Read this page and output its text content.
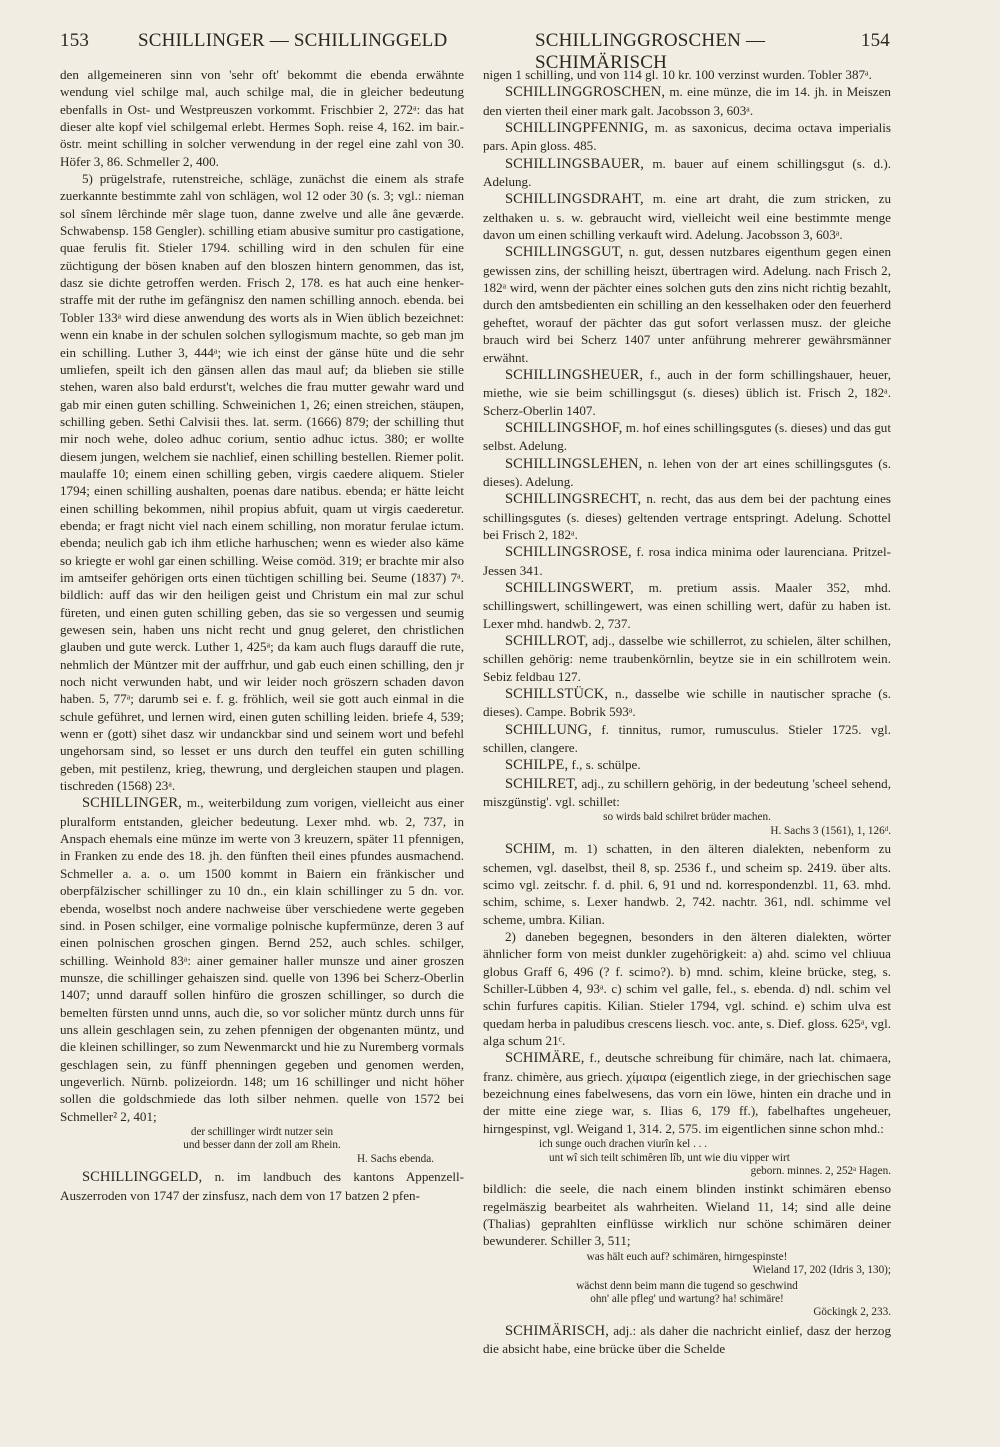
153	SCHILLINGER — SCHILLINGGELD	SCHILLINGGROSCHEN — SCHIMÄRISCH
154

den allgemeineren sinn von 'sehr oft' bekommt die ebenda erwähnte wendung viel schilge mal, auch schilge mal, die in gleicher bedeutung ebenfalls in Ost- und Westpreuszen vorkommt. Frischbier 2, 272ᵃ: das hat dieser alte kopf viel schilgemal erlebt. Hermes Soph. reise 4, 162. im bair.-östr. meint schilling in solcher verwendung in der regel eine zahl von 30. Höfer 3, 86. Schmeller 2, 400.

5) prügelstrafe, rutenstreiche, schläge, zunächst die einem als strafe zuerkannte bestimmte zahl von schlägen, wol 12 oder 30 (s. 3; vgl.: nieman sol sînem lêrchinde mêr slage tuon, danne zwelve und alle âne geværde. Schwabensp. 158 Gengler). schilling etiam abusive sumitur pro castigatione, quae ferulis fit. Stieler 1794. schilling wird in den schulen für eine züchtigung der bösen knaben auf den bloszen hintern genommen, das ist, dasz sie dichte getroffen werden. Frisch 2, 178. es hat auch eine henker-straffe mit der ruthe im gefängnisz den namen schilling annoch. ebenda. bei Tobler 133ᵃ wird diese anwendung des worts als in Wien üblich bezeichnet: wenn ein knabe in der schulen solchen syllogismum machte, so geb man jm ein schilling. Luther 3, 444ᵃ; wie ich einst der gänse hüte und die sehr umliefen, speilt ich den gänsen allen das maul auf; da blieben sie stille stehen, waren also bald erdurst't, welches die frau mutter gewahr ward und gab mir einen guten schilling. Schweinichen 1, 26; einen streichen, stäupen, schilling geben. Sethi Calvisii thes. lat. serm. (1666) 879; der schilling thut mir noch wehe, doleo adhuc corium, sentio adhuc ictus. 380; er wollte diesem jungen, welchem sie nachlief, einen schilling bestellen. Riemer polit. maulaffe 10; einem einen schilling geben, virgis caedere aliquem. Stieler 1794; einen schilling aushalten, poenas dare natibus. ebenda; er hätte leicht einen schilling bekommen, nihil propius abfuit, quam ut virgis caederetur. ebenda; er fragt nicht viel nach einem schilling, non moratur ferulae ictum. ebenda; neulich gab ich ihm etliche harhuschen; wenn es wieder also käme so kriegte er wohl gar einen schilling. Weise comöd. 319; er brachte mir also im amtseifer gehörigen orts einen tüchtigen schilling bei. Seume (1837) 7ᵃ. bildlich: auff das wir den heiligen geist und Christum ein mal zur schul füreten, und einen guten schilling geben, das sie so vergessen und seumig gewesen sein, haben uns nicht recht und gnug geleret, den christlichen glauben und gute werck. Luther 1, 425ᵃ; da kam auch flugs darauff die rute, nehmlich der Müntzer mit der auffrhur, und gab euch einen schilling, den jr noch nicht verwunden habt, und wir leider noch gröszern schaden davon haben. 5, 77ᵃ; darumb sei e. f. g. fröhlich, weil sie gott auch einmal in die schule geführet, und lernen wird, einen guten schilling leiden. briefe 4, 539; wenn er (gott) sihet dasz wir undanckbar sind und seinem wort und befehl ungehorsam sind, so lesset er uns durch den teuffel ein guten schilling geben, mit pestilenz, krieg, thewrung, und dergleichen staupen und plagen. tischreden (1568) 23ᵃ.

SCHILLINGER, m., weiterbildung zum vorigen, vielleicht aus einer pluralform entstanden, gleicher bedeutung. Lexer mhd. wb. 2, 737, in Anspach ehemals eine münze im werte von 3 kreuzern, später 11 pfennigen, in Franken zu ende des 18. jh. den fünften theil eines pfundes ausmachend. Schmeller a. a. o. um 1500 kommt in Baiern ein fränkischer und oberpfälzischer schillinger zu 10 dn., ein klain schillinger zu 5 dn. vor. ebenda, woselbst noch andere nachweise über verschiedene werte gegeben sind. in Posen schilger, eine vormalige polnische kupfermünze, deren 3 auf einen polnischen groschen gingen. Bernd 252, auch schles. schilger, schilling. Weinhold 83ᵃ: ainer gemainer haller munsze und ainer groszen munsze, die schillinger gehaiszen sind. quelle von 1396 bei Scherz-Oberlin 1407; unnd darauff sollen hinfüro die groszen schillinger, so durch die bemelten fürsten unnd unns, auch die, so vor solicher müntz durch unns für uns allein geschlagen sein, zu zehen pfennigen der obgenanten müntz, und die kleinen schillinger, so zum Newenmarckt und hie zu Nuremberg vormals geschlagen sein, zu fünff phenningen gegeben und genomen werden, ungeverlich. Nürnb. polizeiordn. 148; um 16 schillinger und nicht höher sollen die goldschmiede das loth silber nehmen. quelle von 1572 bei Schmeller² 2, 401;

der schillinger wirdt nutzer sein
und besser dann der zoll am Rhein.
H. Sachs ebenda.

SCHILLINGGELD, n. im landbuch des kantons Appenzell-Auszerroden von 1747 der zinsfusz, nach dem von 17 batzen 2 pfen-

nigen 1 schilling, und von 114 gl. 10 kr. 100 verzinst wurden. Tobler 387ᵃ.

SCHILLINGGROSCHEN, m. eine münze, die im 14. jh. in Meiszen den vierten theil einer mark galt. Jacobsson 3, 603ᵃ.

SCHILLINGPFENNIG, m. as saxonicus, decima octava imperialis pars. Apin gloss. 485.

SCHILLINGSBAUER, m. bauer auf einem schillingsgut (s. d.). Adelung.

SCHILLINGSDRAHT, m. eine art draht, die zum stricken, zu zelthaken u. s. w. gebraucht wird, vielleicht weil eine bestimmte menge davon um einen schilling verkauft wird. Adelung. Jacobsson 3, 603ᵃ.

SCHILLINGSGUT, n. gut, dessen nutzbares eigenthum gegen einen gewissen zins, der schilling heiszt, übertragen wird. Adelung. nach Frisch 2, 182ᵃ wird, wenn der pächter eines solchen guts den zins nicht richtig bezahlt, durch den amtsbedienten ein schilling an den kesselhaken oder den feuerherd geheftet, worauf der pächter das gut sofort verlassen musz. der gleiche brauch wird bei Scherz 1407 unter anführung mehrerer gewährsmänner erwähnt.

SCHILLINGSHEUER, f., auch in der form schillingshauer, heuer, miethe, wie sie beim schillingsgut (s. dieses) üblich ist. Frisch 2, 182ᵃ. Scherz-Oberlin 1407.

SCHILLINGSHOF, m. hof eines schillingsgutes (s. dieses) und das gut selbst. Adelung.

SCHILLINGSLEHEN, n. lehen von der art eines schillingsgutes (s. dieses). Adelung.

SCHILLINGSRECHT, n. recht, das aus dem bei der pachtung eines schillingsgutes (s. dieses) geltenden vertrage entspringt. Adelung. Schottel bei Frisch 2, 182ᵃ.

SCHILLINGSROSE, f. rosa indica minima oder laurenciana. Pritzel-Jessen 341.

SCHILLINGSWERT, m. pretium assis. Maaler 352, mhd. schillingswert, schillingewert, was einen schilling wert, dafür zu haben ist. Lexer mhd. handwb. 2, 737.

SCHILLROT, adj., dasselbe wie schillerrot, zu schielen, älter schilhen, schillen gehörig: neme traubenkörnlin, beytze sie in ein schillrotem wein. Sebiz feldbau 127.

SCHILLSTÜCK, n., dasselbe wie schille in nautischer sprache (s. dieses). Campe. Bobrik 593ᵃ.

SCHILLUNG, f. tinnitus, rumor, rumusculus. Stieler 1725. vgl. schillen, clangere.

SCHILPE, f., s. schülpe.

SCHILRET, adj., zu schillern gehörig, in der bedeutung 'scheel sehend, miszgünstig'. vgl. schillet:

so wirds bald schilret brüder machen.
H. Sachs 3 (1561), 1, 126ᵈ.

SCHIM, m. 1) schatten, in den älteren dialekten, nebenform zu schemen, vgl. daselbst, theil 8, sp. 2536 f., und scheim sp. 2419. über alts. scimo vgl. zeitschr. f. d. phil. 6, 91 und nd. korrespondenzbl. 11, 63. mhd. schim, schime, s. Lexer handwb. 2, 742. nachtr. 361, ndl. schimme vel scheme, umbra. Kilian.

2) daneben begegnen, besonders in den älteren dialekten, wörter ähnlicher form von meist dunkler zugehörigkeit: a) ahd. scimo vel chliuua globus Graff 6, 496 (? f. scimo?). b) mnd. schim, kleine brücke, steg, s. Schiller-Lübben 4, 93ᵃ. c) schim vel galle, fel., s. ebenda. d) ndl. schim vel schin furfures capitis. Kilian. Stieler 1794, vgl. schind. e) schim ulva est quedam herba in paludibus crescens liesch. voc. ante, s. Dief. gloss. 625ᵃ, vgl. alga schum 21ᶜ.

SCHIMÄRE, f., deutsche schreibung für chimäre, nach lat. chimaera, franz. chimère, aus griech. χίμαιρα (eigentlich ziege, in der griechischen sage bezeichnung eines fabelwesens, das vorn ein löwe, hinten ein drache und in der mitte eine ziege war, s. Ilias 6, 179 ff.), fabelhaftes ungeheuer, hirngespinst, vgl. Weigand 1, 314. 2, 575. im eigentlichen sinne schon mhd.:

ich sunge ouch drachen viurîn kel . . .
unt wî sich teilt schimêren lîb, unt wie diu vipper wirt
geborn. minnes. 2, 252ᵃ Hagen.

bildlich: die seele, die nach einem blinden instinkt schimären ebenso regelmäszig bearbeitet als wahrheiten. Wieland 11, 14; sind alle deine (Thalias) geprahlten einflüsse wirklich nur schöne schimären deiner bewunderer. Schiller 3, 511;

was hält euch auf? schimären, hirngespinste!
Wieland 17, 202 (Idris 3, 130);
wächst denn beim mann die tugend so geschwind
ohn' alle pfleg' und wartung? ha! schimäre!
Göckingk 2, 233.

SCHIMÄRISCH, adj.: als daher die nachricht einlief, dasz der herzog die absicht habe, eine brücke über die Schelde
